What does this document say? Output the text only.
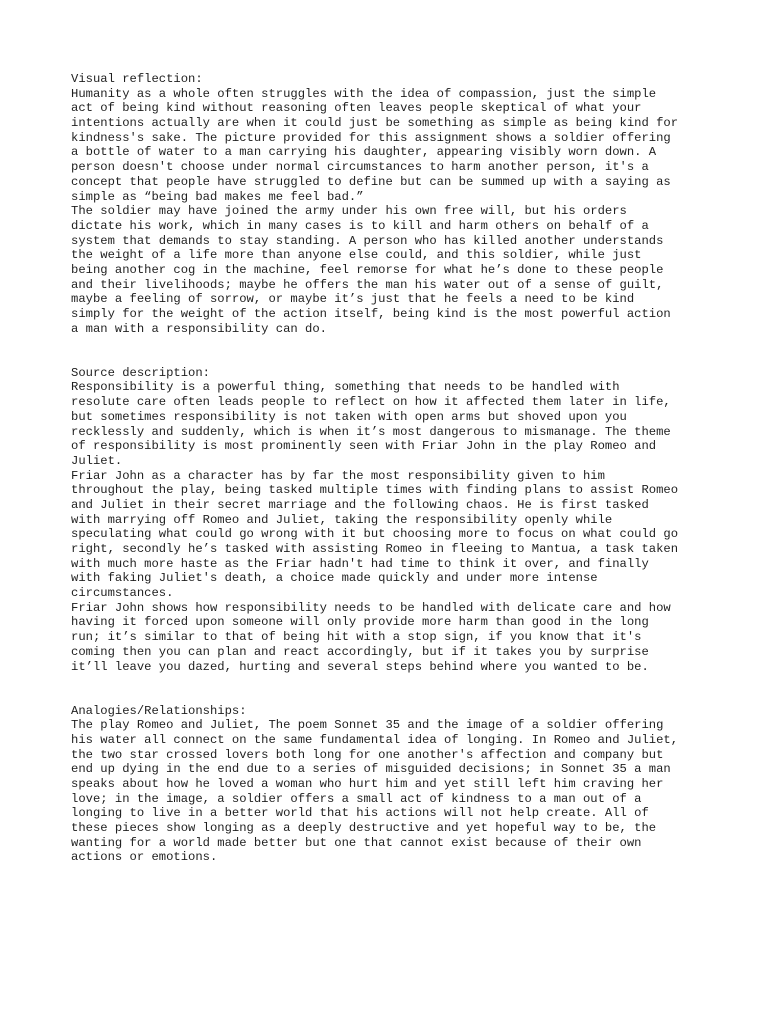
Visual reflection:
Humanity as a whole often struggles with the idea of compassion, just the simple
act of being kind without reasoning often leaves people skeptical of what your
intentions actually are when it could just be something as simple as being kind for
kindness's sake. The picture provided for this assignment shows a soldier offering
a bottle of water to a man carrying his daughter, appearing visibly worn down. A
person doesn't choose under normal circumstances to harm another person, it's a
concept that people have struggled to define but can be summed up with a saying as
simple as “being bad makes me feel bad.”
The soldier may have joined the army under his own free will, but his orders
dictate his work, which in many cases is to kill and harm others on behalf of a
system that demands to stay standing. A person who has killed another understands
the weight of a life more than anyone else could, and this soldier, while just
being another cog in the machine, feel remorse for what he’s done to these people
and their livelihoods; maybe he offers the man his water out of a sense of guilt,
maybe a feeling of sorrow, or maybe it’s just that he feels a need to be kind
simply for the weight of the action itself, being kind is the most powerful action
a man with a responsibility can do.
Source description:
Responsibility is a powerful thing, something that needs to be handled with
resolute care often leads people to reflect on how it affected them later in life,
but sometimes responsibility is not taken with open arms but shoved upon you
recklessly and suddenly, which is when it’s most dangerous to mismanage. The theme
of responsibility is most prominently seen with Friar John in the play Romeo and
Juliet.
Friar John as a character has by far the most responsibility given to him
throughout the play, being tasked multiple times with finding plans to assist Romeo
and Juliet in their secret marriage and the following chaos. He is first tasked
with marrying off Romeo and Juliet, taking the responsibility openly while
speculating what could go wrong with it but choosing more to focus on what could go
right, secondly he’s tasked with assisting Romeo in fleeing to Mantua, a task taken
with much more haste as the Friar hadn't had time to think it over, and finally
with faking Juliet's death, a choice made quickly and under more intense
circumstances.
Friar John shows how responsibility needs to be handled with delicate care and how
having it forced upon someone will only provide more harm than good in the long
run; it’s similar to that of being hit with a stop sign, if you know that it's
coming then you can plan and react accordingly, but if it takes you by surprise
it’ll leave you dazed, hurting and several steps behind where you wanted to be.
Analogies/Relationships:
The play Romeo and Juliet, The poem Sonnet 35 and the image of a soldier offering
his water all connect on the same fundamental idea of longing. In Romeo and Juliet,
the two star crossed lovers both long for one another's affection and company but
end up dying in the end due to a series of misguided decisions; in Sonnet 35 a man
speaks about how he loved a woman who hurt him and yet still left him craving her
love; in the image, a soldier offers a small act of kindness to a man out of a
longing to live in a better world that his actions will not help create. All of
these pieces show longing as a deeply destructive and yet hopeful way to be, the
wanting for a world made better but one that cannot exist because of their own
actions or emotions.
